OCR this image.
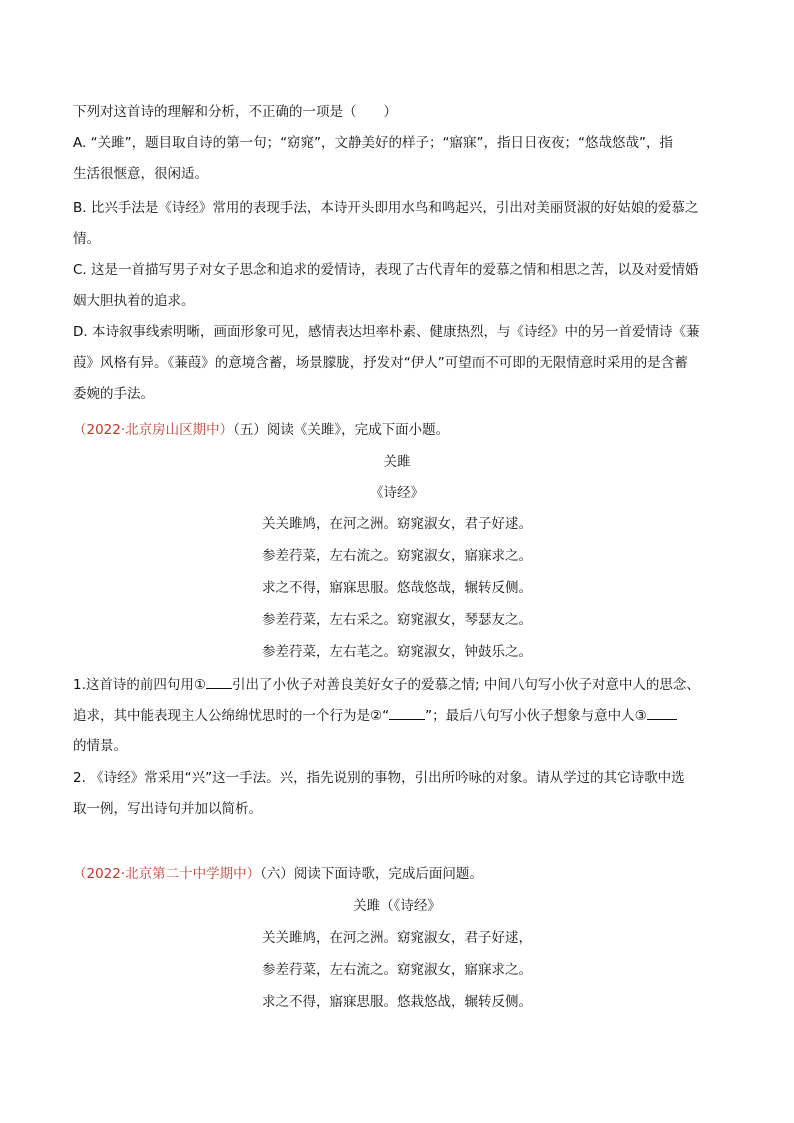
下列对这首诗的理解和分析，不正确的一项是（　　）
A. “关雎”，题目取自诗的第一句；“窈窕”，文静美好的样子；“寤寐”，指日日夜夜；“悠哉悠哉”，指
生活很惬意，很闲适。
B. 比兴手法是《诗经》常用的表现手法，本诗开头即用水鸟和鸣起兴，引出对美丽贤淑的好姑娘的爱慕之
情。
C. 这是一首描写男子对女子思念和追求的爱情诗，表现了古代青年的爱慕之情和相思之苦，以及对爱情婚
姻大胆执着的追求。
D. 本诗叙事线索明晰，画面形象可见，感情表达坦率朴素、健康热烈，与《诗经》中的另一首爱情诗《蒹
葭》风格有异。《蒹葭》的意境含蓄，场景朦胧，抒发对“伊人”可望而不可即的无限情意时采用的是含蓄
委婉的手法。
（2022·北京房山区期中）（五）阅读《关雎》，完成下面小题。
关雎
《诗经》
关关雎鸠，在河之洲。窈窕淑女，君子好逑。
参差荇菜，左右流之。窈窕淑女，寤寐求之。
求之不得，寤寐思服。悠哉悠哉，辗转反侧。
参差荇菜，左右采之。窈窕淑女，琴瑟友之。
参差荇菜，左右芼之。窈窕淑女，钟鼓乐之。
1.这首诗的前四句用① 引出了小伙子对善良美好女子的爱慕之情; 中间八句写小伙子对意中人的思念、
追求，其中能表现主人公绵绵忧思时的一个行为是②“	”；最后八句写小伙子想象与意中人③
的情景。
2. 《诗经》常采用“兴”这一手法。兴，指先说别的事物，引出所吟咏的对象。请从学过的其它诗歌中选
取一例，写出诗句并加以简析。
（2022·北京第二十中学期中）（六）阅读下面诗歌，完成后面问题。
关雎（《诗经》
关关雎鸠，在河之洲。窈窕淑女，君子好逑，
参差荇菜，左右流之。窈窕淑女，寤寐求之。
求之不得，寤寐思服。悠栽悠战，辗转反侧。
